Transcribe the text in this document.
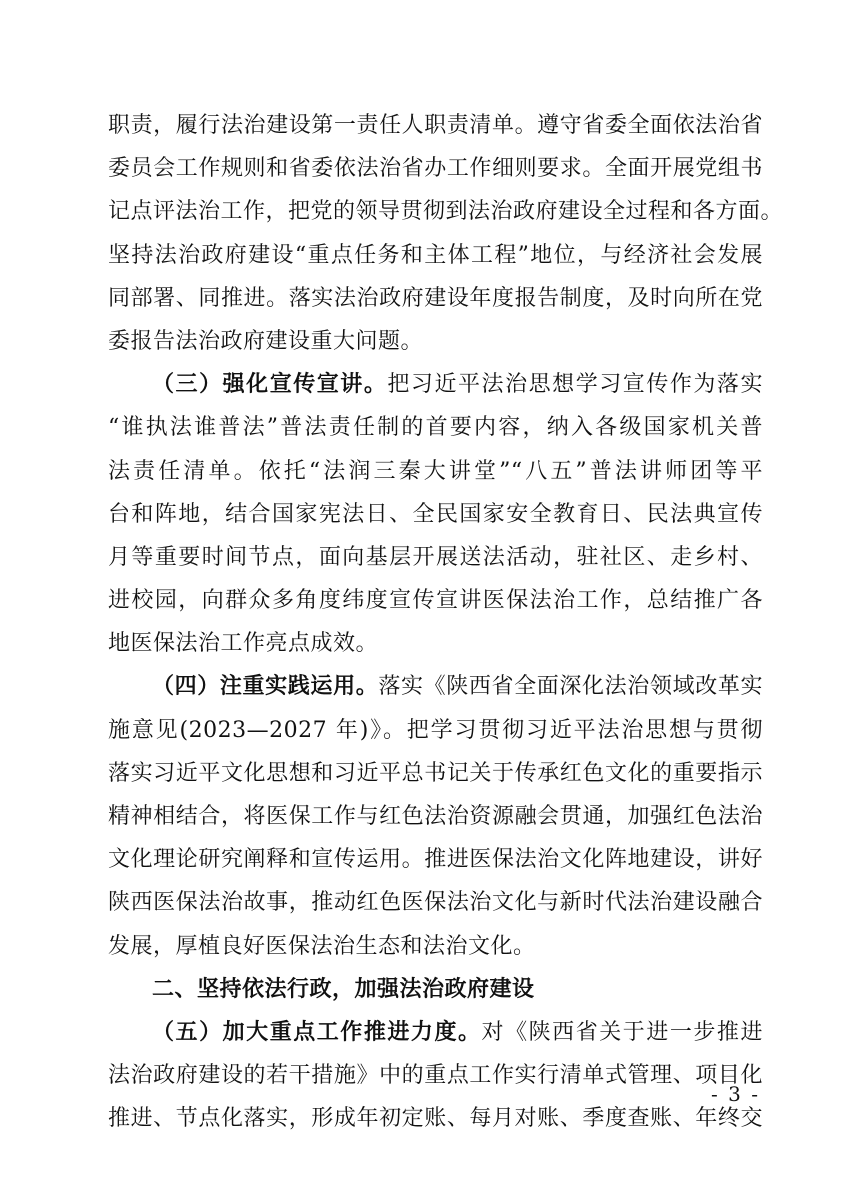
职责，履行法治建设第一责任人职责清单。遵守省委全面依法治省
委员会工作规则和省委依法治省办工作细则要求。全面开展党组书
记点评法治工作，把党的领导贯彻到法治政府建设全过程和各方面。
坚持法治政府建设“重点任务和主体工程”地位，与经济社会发展
同部署、同推进。落实法治政府建设年度报告制度，及时向所在党
委报告法治政府建设重大问题。
（三）强化宣传宣讲。把习近平法治思想学习宣传作为落实
“谁执法谁普法”普法责任制的首要内容，纳入各级国家机关普
法责任清单。依托“法润三秦大讲堂”“八五”普法讲师团等平
台和阵地，结合国家宪法日、全民国家安全教育日、民法典宣传
月等重要时间节点，面向基层开展送法活动，驻社区、走乡村、
进校园，向群众多角度纬度宣传宣讲医保法治工作，总结推广各
地医保法治工作亮点成效。
（四）注重实践运用。落实《陕西省全面深化法治领域改革实
施意见(2023—2027 年)》。把学习贯彻习近平法治思想与贯彻
落实习近平文化思想和习近平总书记关于传承红色文化的重要指示
精神相结合，将医保工作与红色法治资源融会贯通，加强红色法治
文化理论研究阐释和宣传运用。推进医保法治文化阵地建设，讲好
陕西医保法治故事，推动红色医保法治文化与新时代法治建设融合
发展，厚植良好医保法治生态和法治文化。
二、坚持依法行政，加强法治政府建设
（五）加大重点工作推进力度。对《陕西省关于进一步推进
法治政府建设的若干措施》中的重点工作实行清单式管理、项目化
推进、节点化落实，形成年初定账、每月对账、季度查账、年终交
- 3 -
